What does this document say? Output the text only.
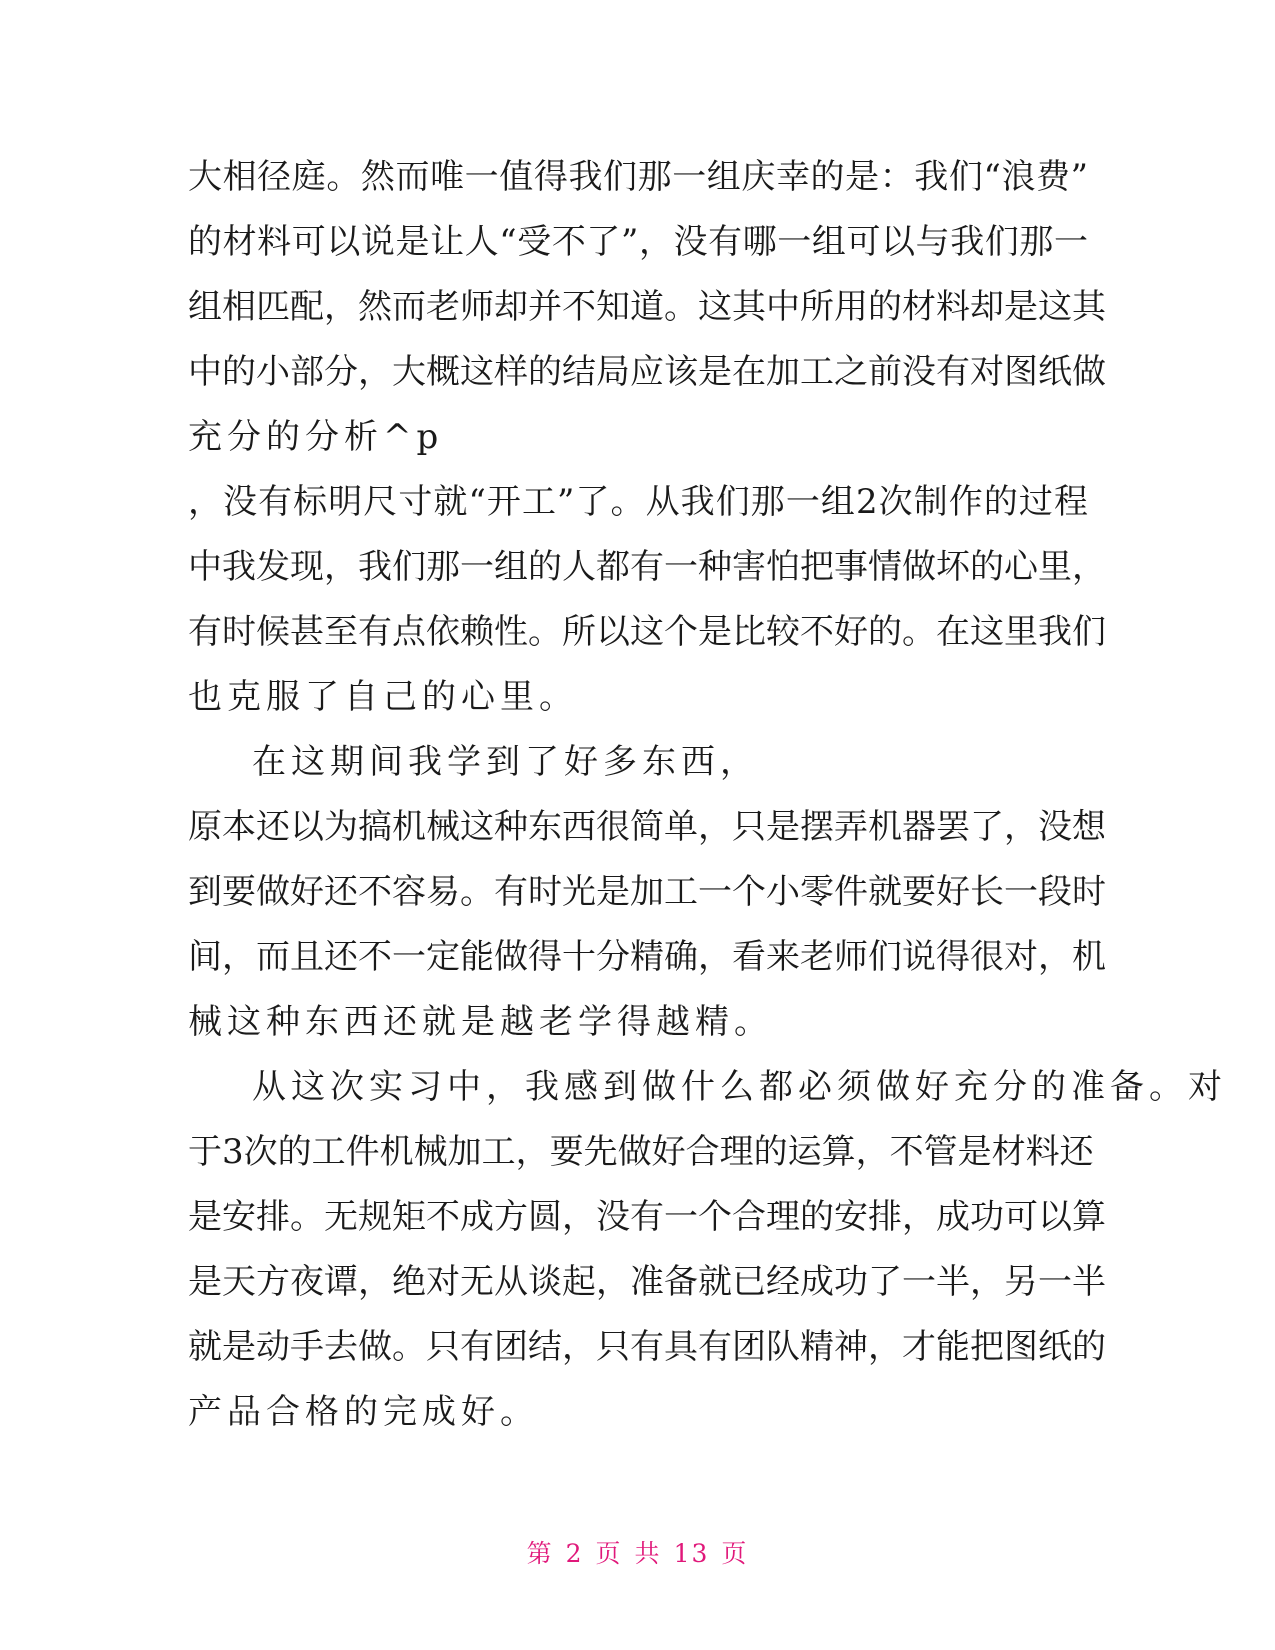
大相径庭。然而唯一值得我们那一组庆幸的是：我们“浪费”
的材料可以说是让人“受不了”，没有哪一组可以与我们那一
组相匹配，然而老师却并不知道。这其中所用的材料却是这其
中的小部分，大概这样的结局应该是在加工之前没有对图纸做
充分的分析^p
，没有标明尺寸就“开工”了。从我们那一组2次制作的过程
中我发现，我们那一组的人都有一种害怕把事情做坏的心里，
有时候甚至有点依赖性。所以这个是比较不好的。在这里我们
也克服了自己的心里。
在这期间我学到了好多东西，
原本还以为搞机械这种东西很简单，只是摆弄机器罢了，没想
到要做好还不容易。有时光是加工一个小零件就要好长一段时
间，而且还不一定能做得十分精确，看来老师们说得很对，机
械这种东西还就是越老学得越精。
从这次实习中，我感到做什么都必须做好充分的准备。对
于3次的工件机械加工，要先做好合理的运算，不管是材料还
是安排。无规矩不成方圆，没有一个合理的安排，成功可以算
是天方夜谭，绝对无从谈起，准备就已经成功了一半，另一半
就是动手去做。只有团结，只有具有团队精神，才能把图纸的
产品合格的完成好。
第 2 页 共 13 页
